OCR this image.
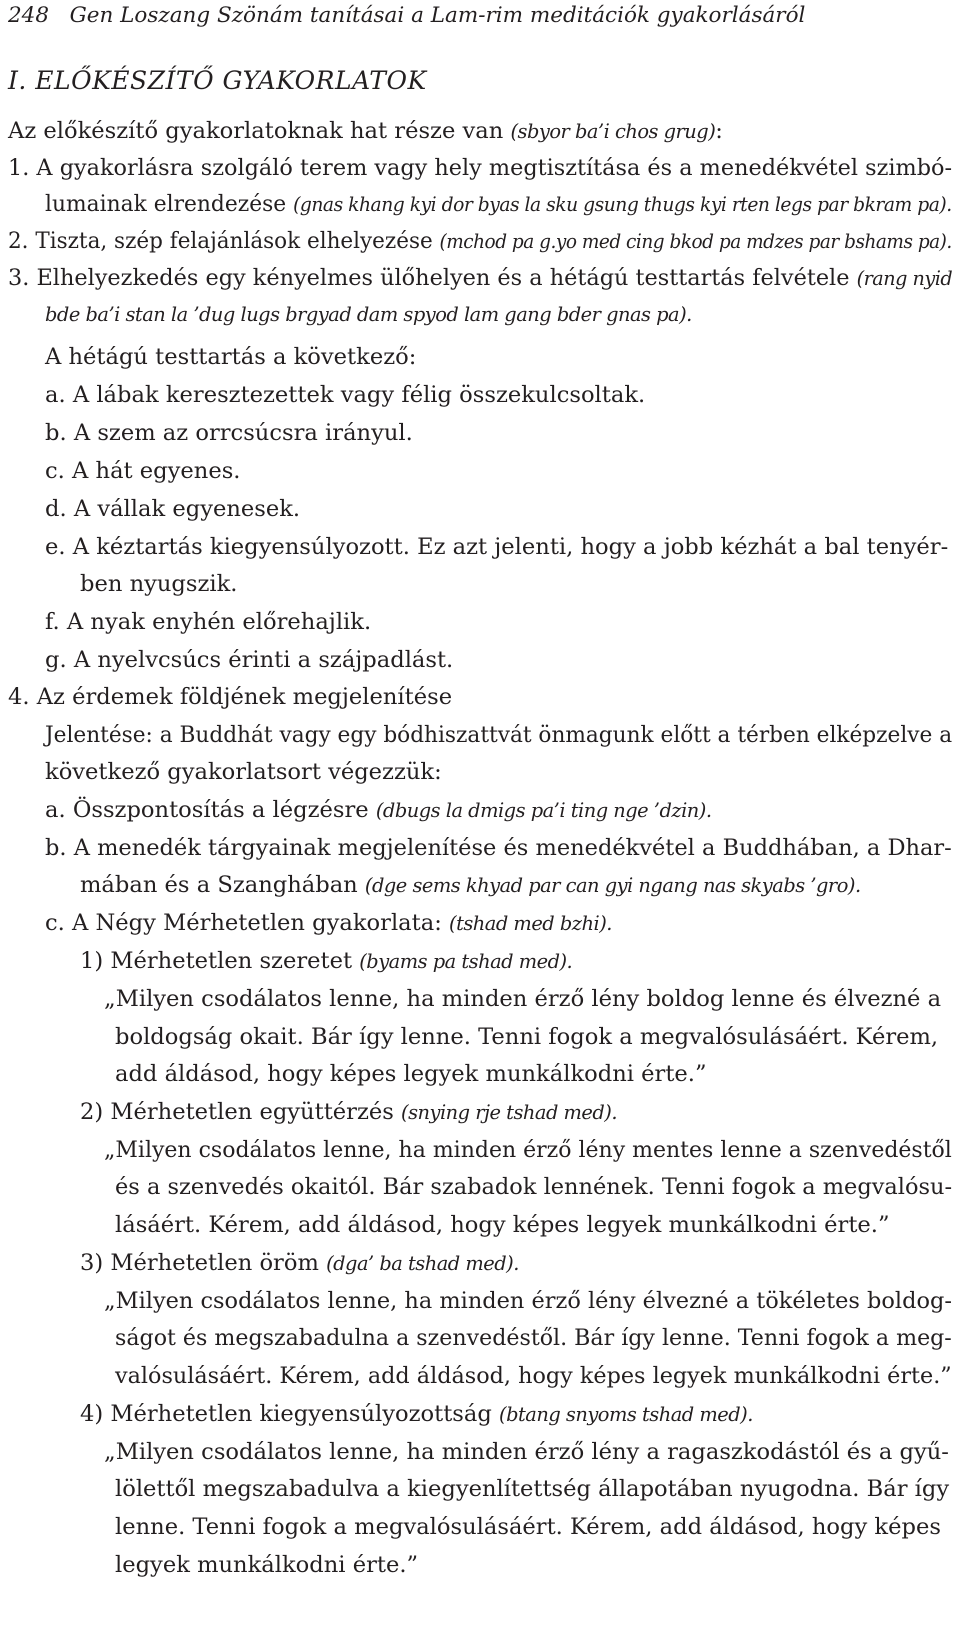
248 Gen Loszang Szönám tanításai a Lam-rim meditációk gyakorlásáról
I. ELŐKÉSZÍTŐ GYAKORLATOK
Az előkészítő gyakorlatoknak hat része van (sbyor ba’i chos grug):
1. A gyakorlásra szolgáló terem vagy hely megtisztítása és a menedékvétel szimbó-
lumainak elrendezése (gnas khang kyi dor byas la sku gsung thugs kyi rten legs par bkram pa).
2. Tiszta, szép felajánlások elhelyezése (mchod pa g.yo med cing bkod pa mdzes par bshams pa).
3. Elhelyezkedés egy kényelmes ülőhelyen és a hétágú testtartás felvétele (rang nyid
bde ba’i stan la ’dug lugs brgyad dam spyod lam gang bder gnas pa).
A hétágú testtartás a következő:
a. A lábak keresztezettek vagy félig összekulcsoltak.
b. A szem az orrcsúcsra irányul.
c. A hát egyenes.
d. A vállak egyenesek.
e. A kéztartás kiegyensúlyozott. Ez azt jelenti, hogy a jobb kézhát a bal tenyér-
ben nyugszik.
f. A nyak enyhén előrehajlik.
g. A nyelvcsúcs érinti a szájpadlást.
4. Az érdemek földjének megjelenítése
Jelentése: a Buddhát vagy egy bódhiszattvát önmagunk előtt a térben elképzelve a
következő gyakorlatsort végezzük:
a. Összpontosítás a légzésre (dbugs la dmigs pa’i ting nge ’dzin).
b. A menedék tárgyainak megjelenítése és menedékvétel a Buddhában, a Dhar-
mában és a Szanghában (dge sems khyad par can gyi ngang nas skyabs ’gro).
c. A Négy Mérhetetlen gyakorlata: (tshad med bzhi).
1) Mérhetetlen szeretet (byams pa tshad med).
„Milyen csodálatos lenne, ha minden érző lény boldog lenne és élvezné a
boldogság okait. Bár így lenne. Tenni fogok a megvalósulásáért. Kérem,
add áldásod, hogy képes legyek munkálkodni érte.”
2) Mérhetetlen együttérzés (snying rje tshad med).
„Milyen csodálatos lenne, ha minden érző lény mentes lenne a szenvedéstől
és a szenvedés okaitól. Bár szabadok lennének. Tenni fogok a megvalósu-
lásáért. Kérem, add áldásod, hogy képes legyek munkálkodni érte.”
3) Mérhetetlen öröm (dga’ ba tshad med).
„Milyen csodálatos lenne, ha minden érző lény élvezné a tökéletes boldog-
ságot és megszabadulna a szenvedéstől. Bár így lenne. Tenni fogok a meg-
valósulásáért. Kérem, add áldásod, hogy képes legyek munkálkodni érte.”
4) Mérhetetlen kiegyensúlyozottság (btang snyoms tshad med).
„Milyen csodálatos lenne, ha minden érző lény a ragaszkodástól és a gyű-
lölettől megszabadulva a kiegyenlítettség állapotában nyugodna. Bár így
lenne. Tenni fogok a megvalósulásáért. Kérem, add áldásod, hogy képes
legyek munkálkodni érte.”
